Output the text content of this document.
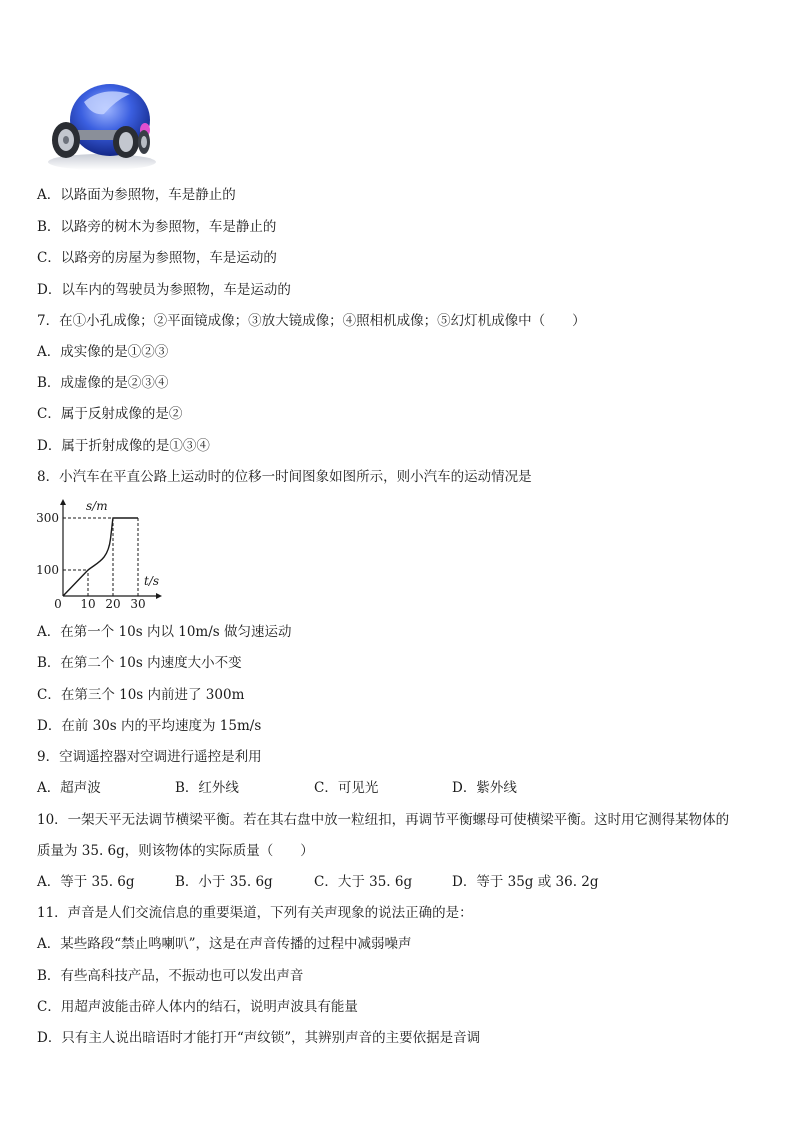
A．以路面为参照物，车是静止的
B．以路旁的树木为参照物，车是静止的
C．以路旁的房屋为参照物，车是运动的
D．以车内的驾驶员为参照物，车是运动的
7．在①小孔成像；②平面镜成像；③放大镜成像；④照相机成像；⑤幻灯机成像中（　　）
A．成实像的是①②③
B．成虚像的是②③④
C．属于反射成像的是②
D．属于折射成像的是①③④
8．小汽车在平直公路上运动时的位移一时间图象如图所示，则小汽车的运动情况是
s/m
t/s
0 10 20 30
100
300
A．在第一个 10s 内以 10m/s 做匀速运动
B．在第二个 10s 内速度大小不变
C．在第三个 10s 内前进了 300m
D．在前 30s 内的平均速度为 15m/s
9．空调遥控器对空调进行遥控是利用
A．超声波	B．红外线	C．可见光	D．紫外线
10．一架天平无法调节横梁平衡。若在其右盘中放一粒纽扣，再调节平衡螺母可使横梁平衡。这时用它测得某物体的
质量为 35. 6g，则该物体的实际质量（　　）
A．等于 35. 6g	B．小于 35. 6g	C．大于 35. 6g	D．等于 35g 或 36. 2g
11．声音是人们交流信息的重要渠道，下列有关声现象的说法正确的是：
A．某些路段“禁止鸣喇叭”，这是在声音传播的过程中减弱噪声
B．有些高科技产品，不振动也可以发出声音
C．用超声波能击碎人体内的结石，说明声波具有能量
D．只有主人说出暗语时才能打开“声纹锁”，其辨别声音的主要依据是音调
